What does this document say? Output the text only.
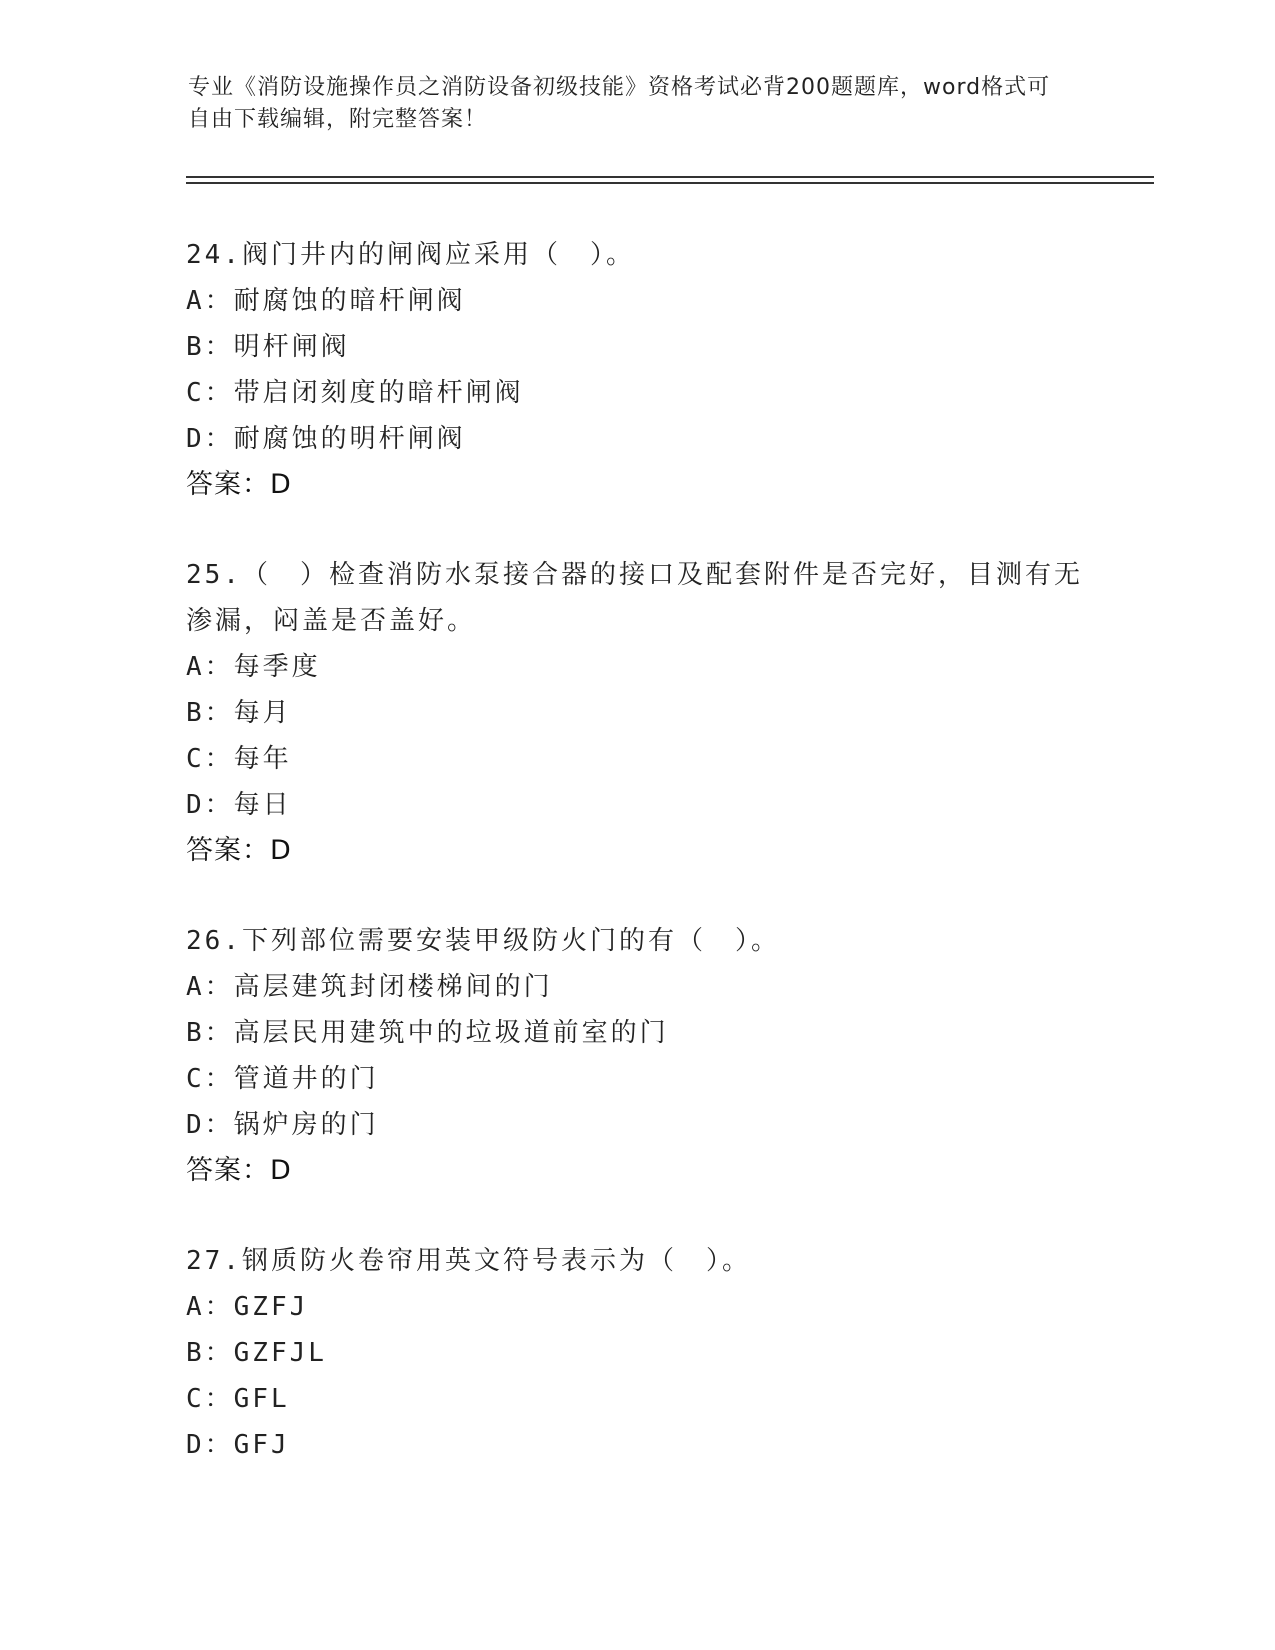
专业《消防设施操作员之消防设备初级技能》资格考试必背200题题库，word格式可自由下载编辑，附完整答案！
24.阀门井内的闸阀应采用（　）。
A：耐腐蚀的暗杆闸阀
B：明杆闸阀
C：带启闭刻度的暗杆闸阀
D：耐腐蚀的明杆闸阀
答案：D
25.（　）检查消防水泵接合器的接口及配套附件是否完好，目测有无渗漏，闷盖是否盖好。
A：每季度
B：每月
C：每年
D：每日
答案：D
26.下列部位需要安装甲级防火门的有（　）。
A：高层建筑封闭楼梯间的门
B：高层民用建筑中的垃圾道前室的门
C：管道井的门
D：锅炉房的门
答案：D
27.钢质防火卷帘用英文符号表示为（　）。
A：GZFJ
B：GZFJL
C：GFL
D：GFJ
